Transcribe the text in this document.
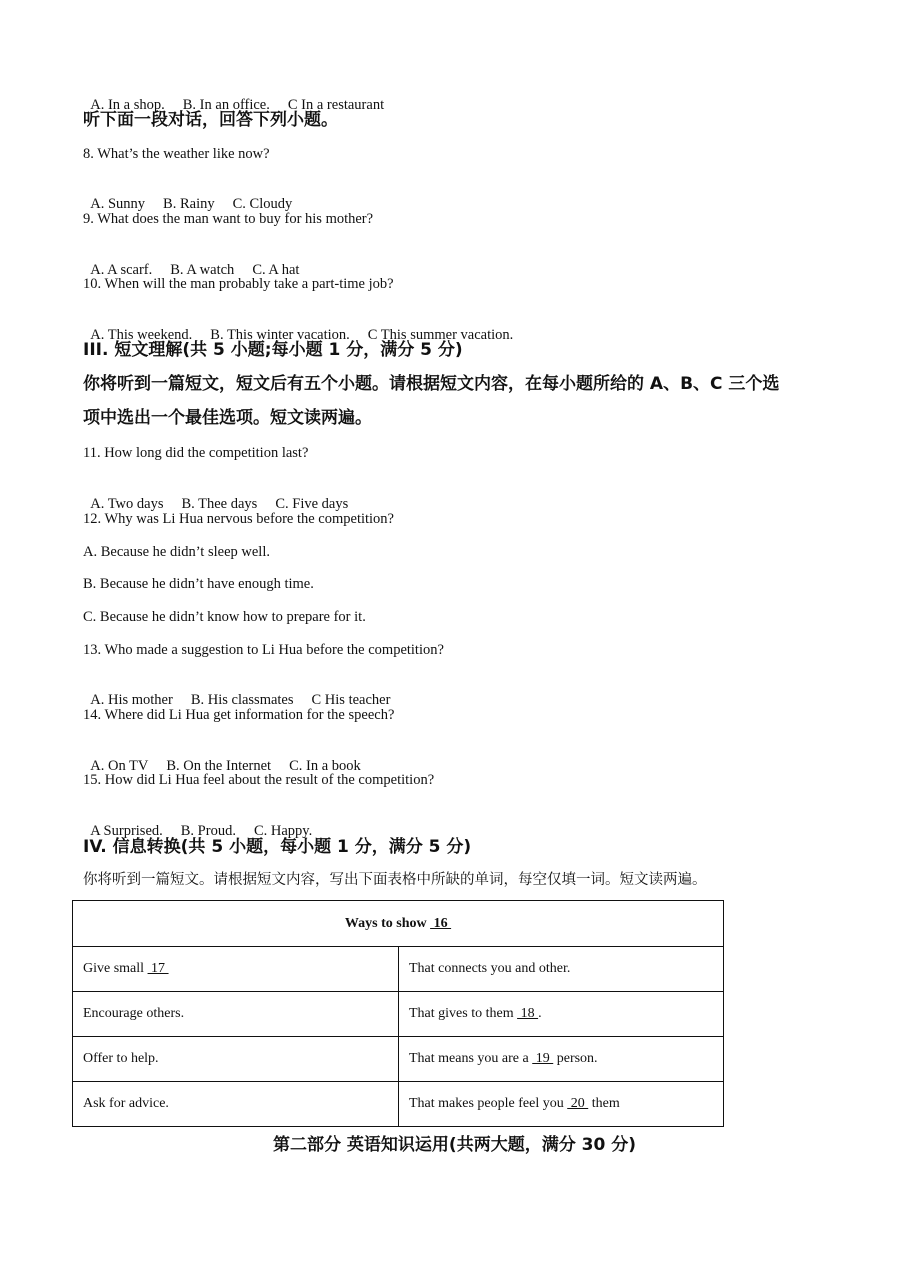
A. In a shop. B. In an office. C In a restaurant

听下面一段对话，回答下列小题。
8. What’s the weather like now?

A. Sunny B. Rainy C. Cloudy

9. What does the man want to buy for his mother?

A. A scarf. B. A watch C. A hat

10. When will the man probably take a part-time job?

A. This weekend. B. This winter vacation. C This summer vacation.

III. 短文理解(共 5 小题;每小题 1 分，满分 5 分)
你将听到一篇短文，短文后有五个小题。请根据短文内容，在每小题所给的 A、B、C 三个选
项中选出一个最佳选项。短文读两遍。
11. How long did the competition last?

A. Two days B. Thee days C. Five days

12. Why was Li Hua nervous before the competition?
A. Because he didn’t sleep well.
B. Because he didn’t have enough time.
C. Because he didn’t know how to prepare for it.
13. Who made a suggestion to Li Hua before the competition?

A. His mother B. His classmates C His teacher

14. Where did Li Hua get information for the speech?

A. On TV B. On the Internet C. In a book

15. How did Li Hua feel about the result of the competition?

A Surprised. B. Proud. C. Happy.

IV. 信息转换(共 5 小题，每小题 1 分，满分 5 分)
你将听到一篇短文。请根据短文内容，写出下面表格中所缺的单词，每空仅填一词。短文读两遍。
Ways to show  16	
Give small  17	That connects you and other.
Encourage others.	That gives to them  18 .
Offer to help.	That means you are a  19  person.
Ask for advice.	That makes people feel you  20  them
第二部分 英语知识运用(共两大题，满分 30 分)
